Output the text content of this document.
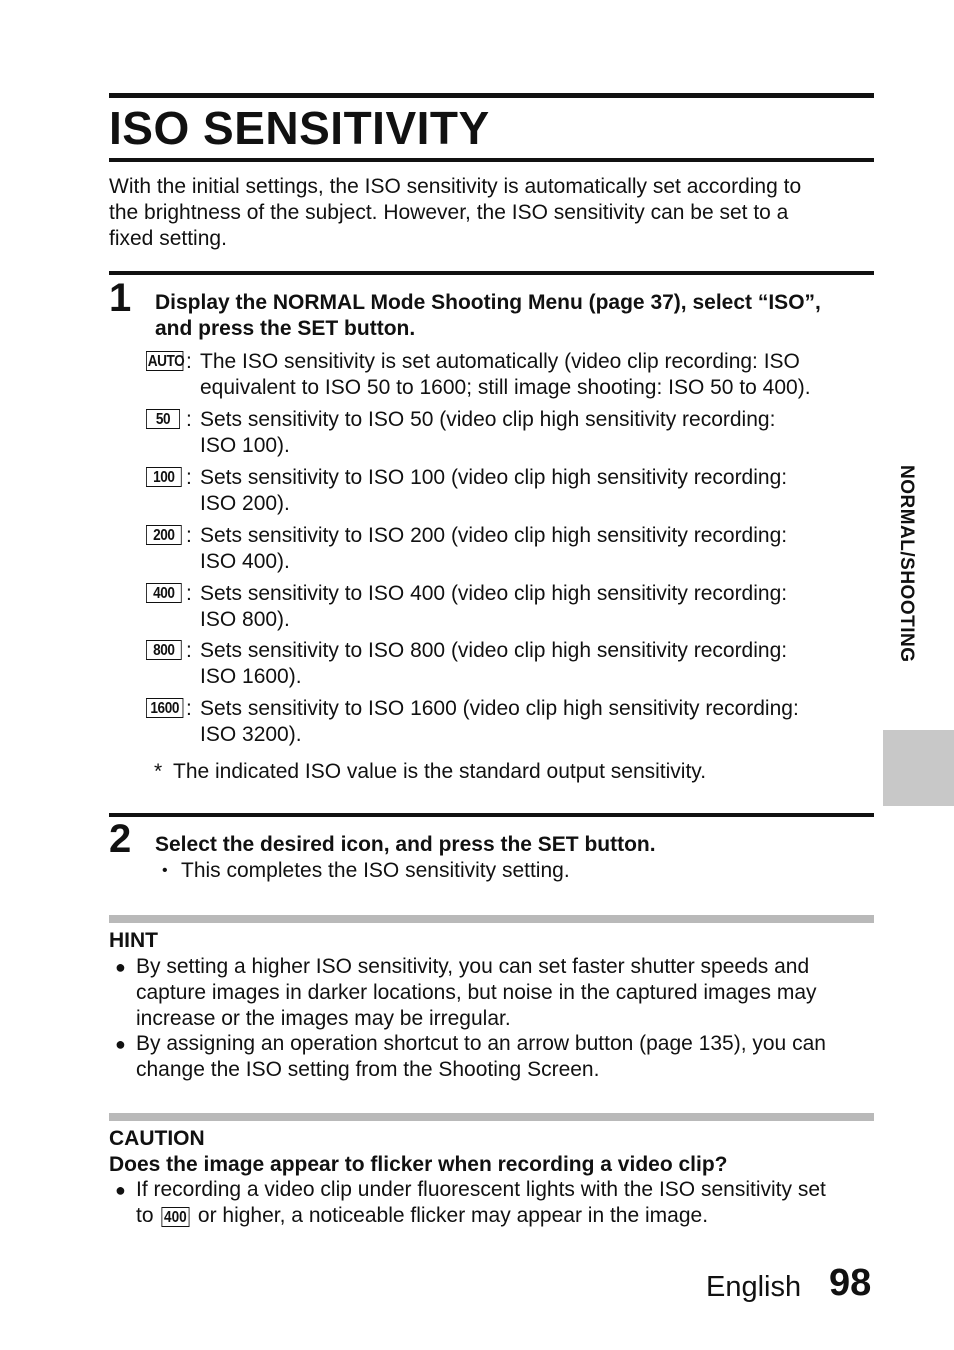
ISO SENSITIVITY
With the initial settings, the ISO sensitivity is automatically set according to
the brightness of the subject. However, the ISO sensitivity can be set to a
fixed setting.
1 Display the NORMAL Mode Shooting Menu (page 37), select “ISO”,
and press the SET button.
AUTO : The ISO sensitivity is set automatically (video clip recording: ISO
equivalent to ISO 50 to 1600; still image shooting: ISO 50 to 400).
50 : Sets sensitivity to ISO 50 (video clip high sensitivity recording:
ISO 100).
100 : Sets sensitivity to ISO 100 (video clip high sensitivity recording:
ISO 200).
200 : Sets sensitivity to ISO 200 (video clip high sensitivity recording:
ISO 400).
400 : Sets sensitivity to ISO 400 (video clip high sensitivity recording:
ISO 800).
800 : Sets sensitivity to ISO 800 (video clip high sensitivity recording:
ISO 1600).
1600 : Sets sensitivity to ISO 1600 (video clip high sensitivity recording:
ISO 3200).
* The indicated ISO value is the standard output sensitivity.
2 Select the desired icon, and press the SET button.
• This completes the ISO sensitivity setting.
HINT
● By setting a higher ISO sensitivity, you can set faster shutter speeds and
capture images in darker locations, but noise in the captured images may
increase or the images may be irregular.
● By assigning an operation shortcut to an arrow button (page 135), you can
change the ISO setting from the Shooting Screen.
CAUTION
Does the image appear to flicker when recording a video clip?
● If recording a video clip under fluorescent lights with the ISO sensitivity set
to 400 or higher, a noticeable flicker may appear in the image.
NORMAL/SHOOTING
English 98
